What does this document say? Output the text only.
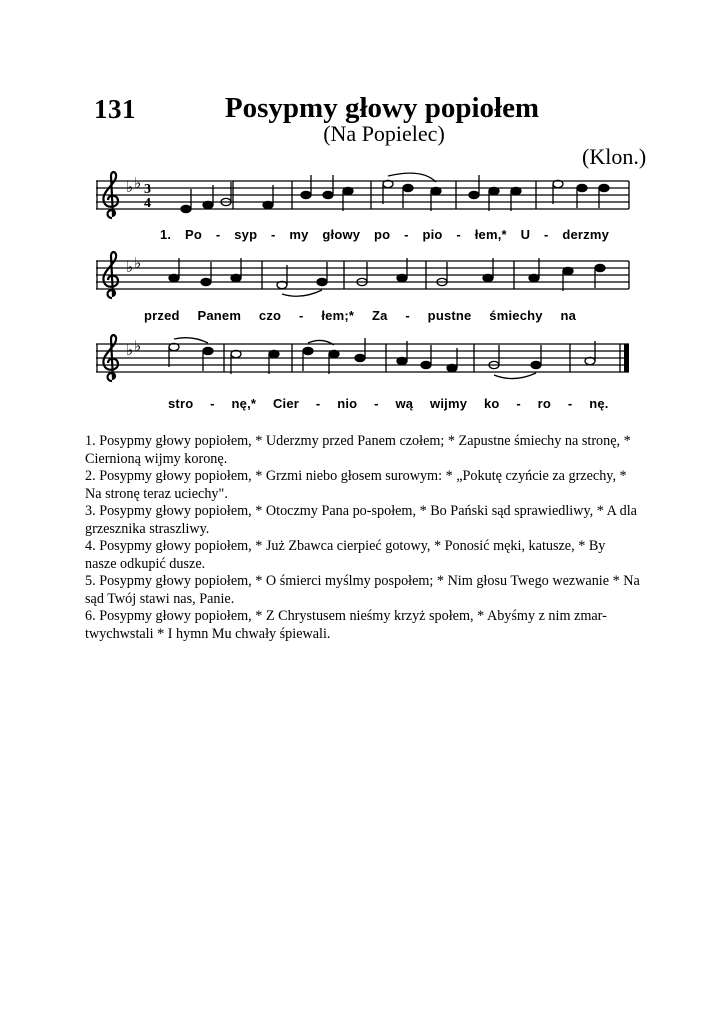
131	Posypmy głowy popiołem
(Na Popielec)
(Klon.)
♭ ♭ 3
4
1. Po - syp - my głowy po - pio - łem,* U - derzmy
♭ ♭
przed Panem czo - łem;* Za - pustne śmiechy na
♭ ♭
stro - nę,* Cier - nio - wą wijmy ko - ro - nę.

1. Posypmy głowy popiołem, * Uderzmy przed Panem czołem; * Zapustne śmiechy na stronę, * Ciernioną wijmy koronę.

2. Posypmy głowy popiołem, * Grzmi niebo głosem surowym: * „Pokutę czyńcie za grzechy, * Na stronę teraz uciechy".

3. Posypmy głowy popiołem, * Otoczmy Pana po-społem, * Bo Pański sąd sprawiedliwy, * A dla grzesznika straszliwy.

4. Posypmy głowy popiołem, * Już Zbawca cierpieć gotowy, * Ponosić męki, katusze, * By nasze odkupić dusze.

5. Posypmy głowy popiołem, * O śmierci myślmy pospołem; * Nim głosu Twego wezwanie * Na sąd Twój stawi nas, Panie.

6. Posypmy głowy popiołem, * Z Chrystusem nieśmy krzyż społem, * Abyśmy z nim zmar-twychwstali * I hymn Mu chwały śpiewali.
